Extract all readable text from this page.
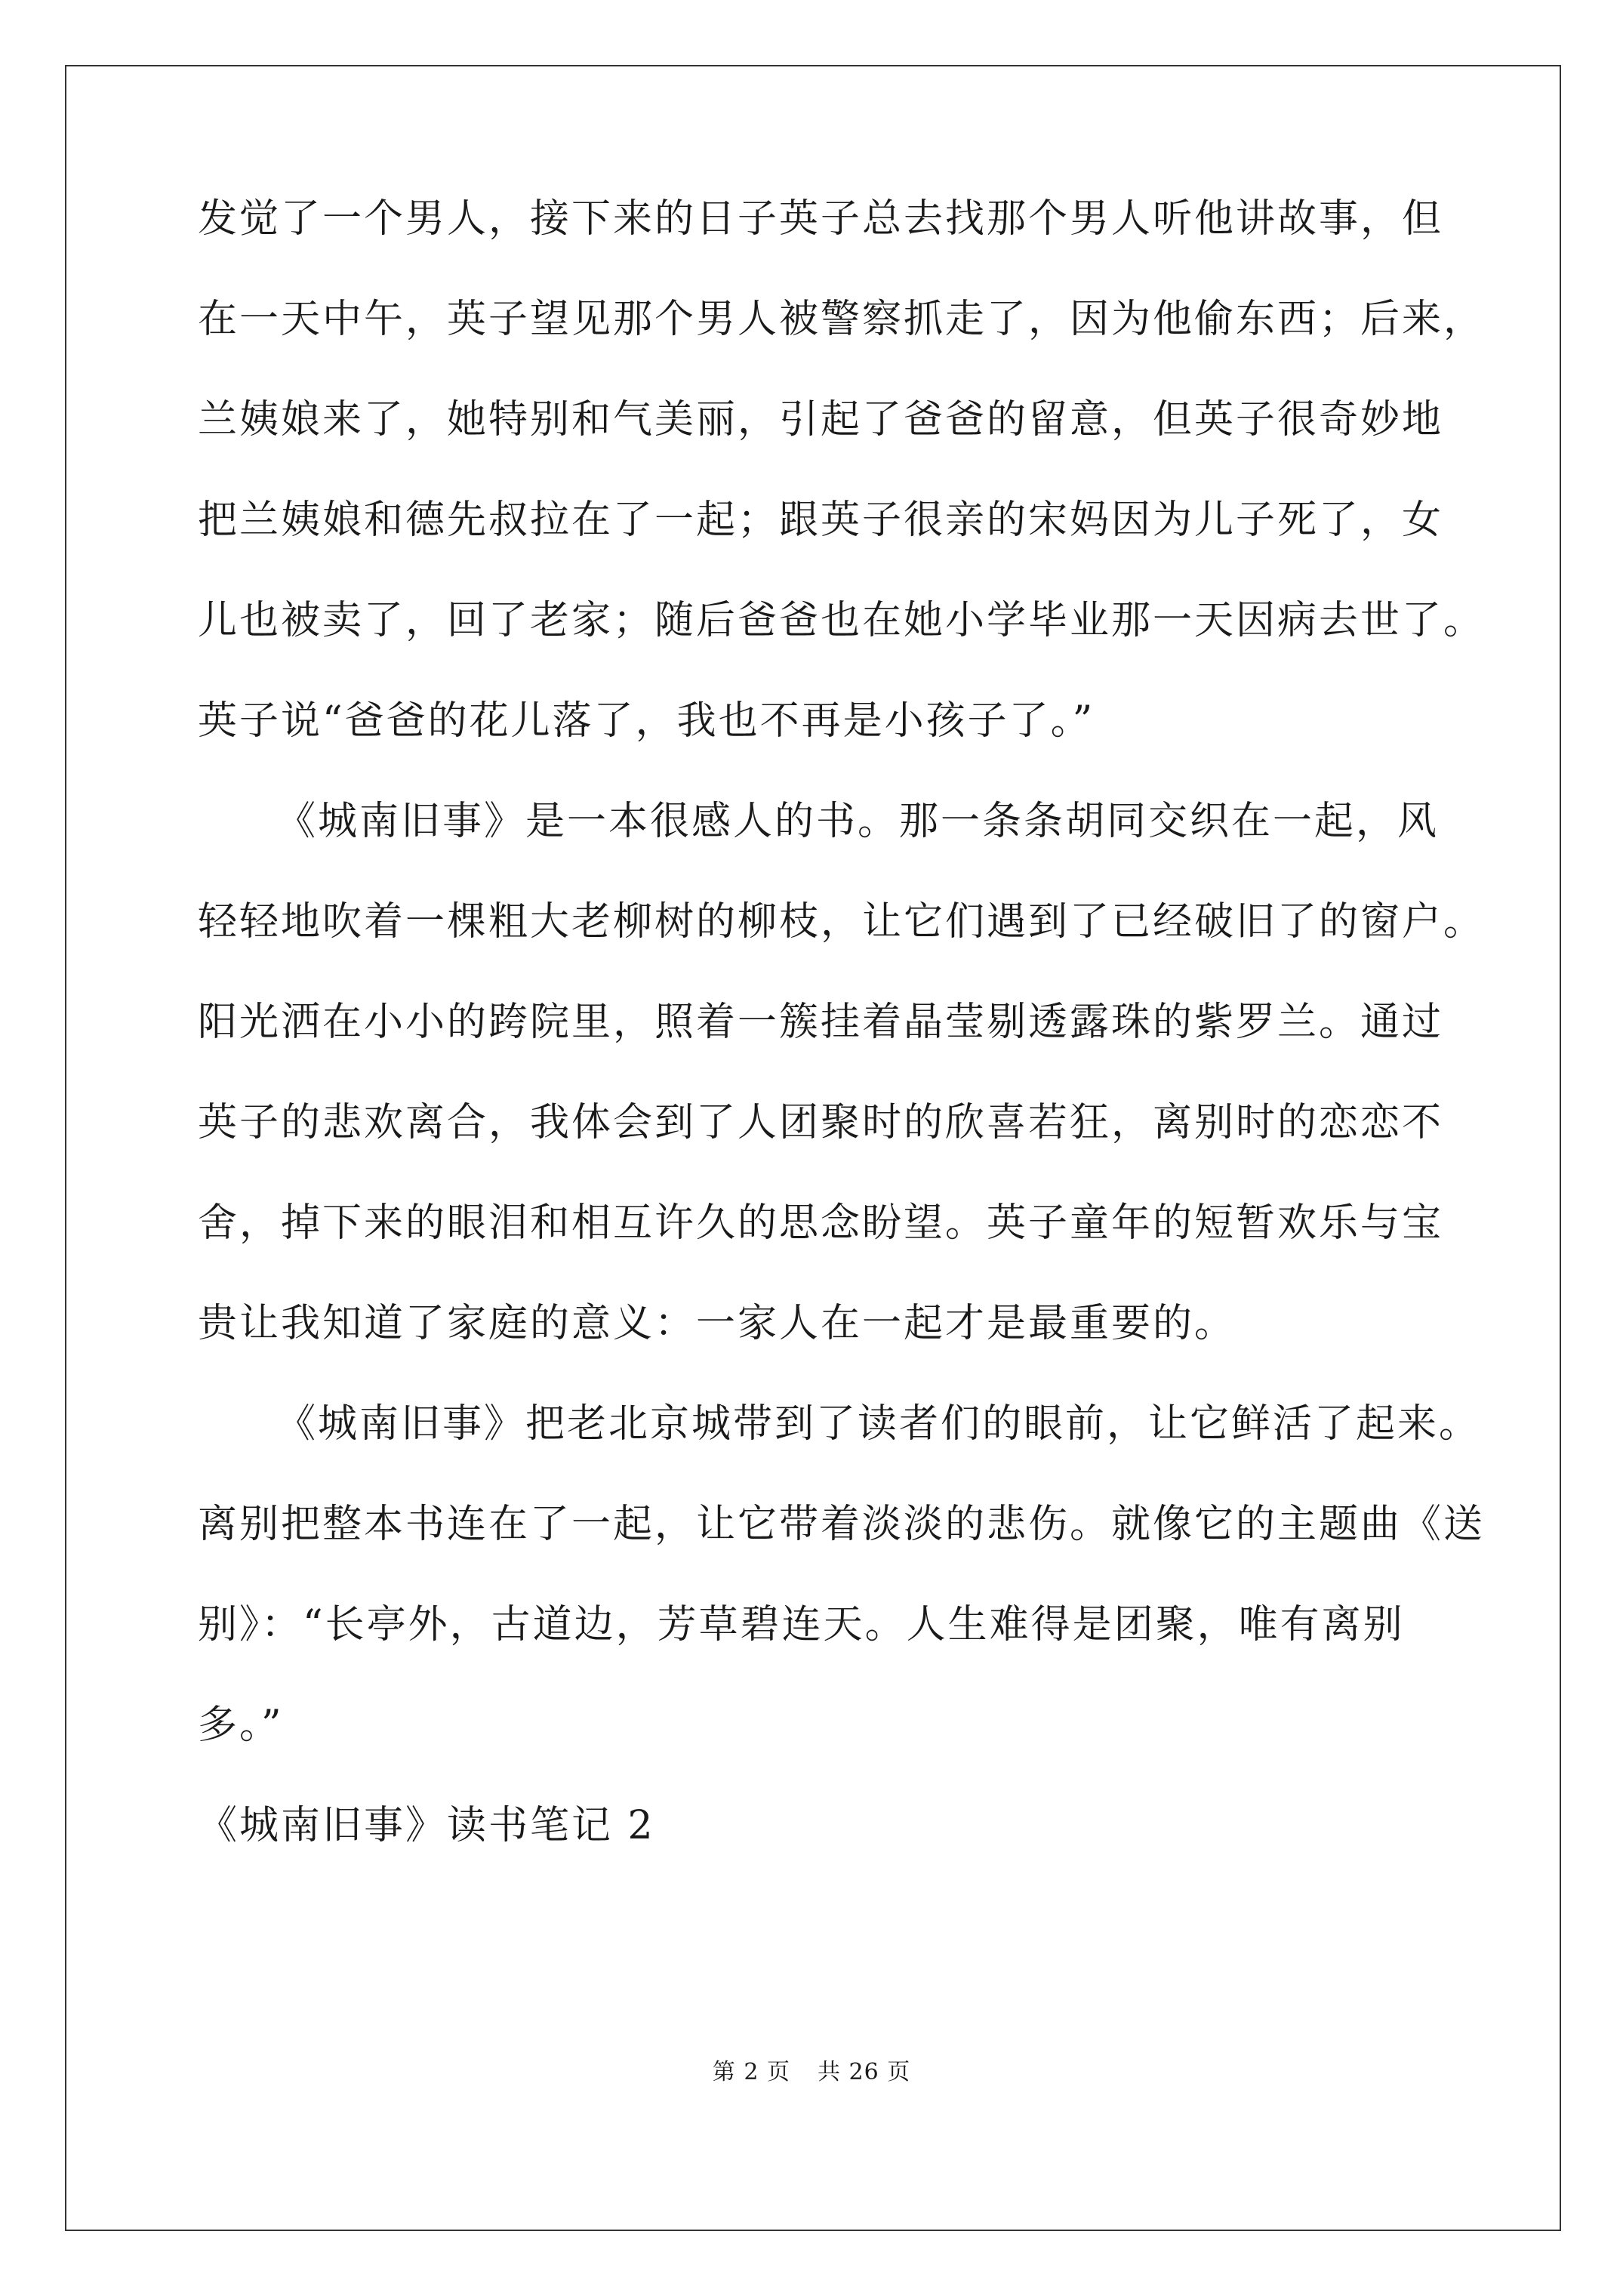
发觉了一个男人，接下来的日子英子总去找那个男人听他讲故事，但
在一天中午，英子望见那个男人被警察抓走了，因为他偷东西；后来，
兰姨娘来了，她特别和气美丽，引起了爸爸的留意，但英子很奇妙地
把兰姨娘和德先叔拉在了一起；跟英子很亲的宋妈因为儿子死了，女
儿也被卖了，回了老家；随后爸爸也在她小学毕业那一天因病去世了。
英子说“爸爸的花儿落了，我也不再是小孩子了。”
《城南旧事》是一本很感人的书。那一条条胡同交织在一起，风
轻轻地吹着一棵粗大老柳树的柳枝，让它们遇到了已经破旧了的窗户。
阳光洒在小小的跨院里，照着一簇挂着晶莹剔透露珠的紫罗兰。通过
英子的悲欢离合，我体会到了人团聚时的欣喜若狂，离别时的恋恋不
舍，掉下来的眼泪和相互许久的思念盼望。英子童年的短暂欢乐与宝
贵让我知道了家庭的意义：一家人在一起才是最重要的。
《城南旧事》把老北京城带到了读者们的眼前，让它鲜活了起来。
离别把整本书连在了一起，让它带着淡淡的悲伤。就像它的主题曲《送
别》：“长亭外，古道边，芳草碧连天。人生难得是团聚，唯有离别
多。”
《城南旧事》读书笔记 2
第 2 页 共 26 页
